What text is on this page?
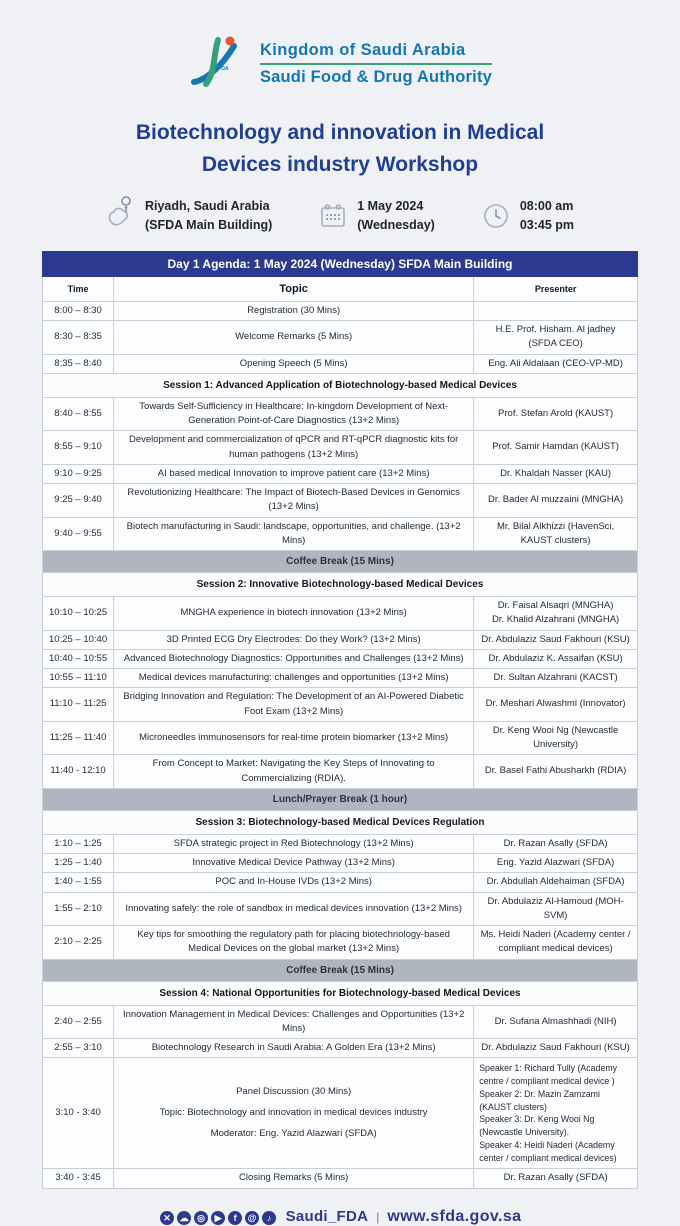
SFDA
Kingdom of Saudi Arabia
Saudi Food & Drug Authority
Biotechnology and innovation in Medical Devices industry Workshop
Riyadh, Saudi Arabia
(SFDA Main Building)
1 May 2024
(Wednesday)
08:00 am
03:45 pm
Day 1 Agenda: 1 May 2024 (Wednesday) SFDA Main Building		
Time	Topic	Presenter
8:00 – 8:30	Registration (30 Mins)	

8:30 – 8:35	Welcome Remarks (5 Mins)	H.E. Prof. Hisham. Al jadhey (SFDA CEO)

8:35 – 8:40	Opening Speech (5 Mins)	Eng. Ali Aldalaan (CEO-VP-MD)

Session 1: Advanced Application of Biotechnology-based Medical Devices		
8:40 – 8:55	Towards Self-Sufficiency in Healthcare: In-kingdom Development of Next-Generation Point-of-Care Diagnostics (13+2 Mins)	Prof. Stefan Arold (KAUST)

8:55 – 9:10	Development and commercialization of qPCR and RT-qPCR diagnostic kits for human pathogens (13+2 Mins)	Prof. Samir Hamdan (KAUST)

9:10 – 9:25	AI based medical Innovation to improve patient care (13+2 Mins)	Dr. Khaldah Nasser (KAU)

9:25 – 9:40	Revolutionizing Healthcare: The Impact of Biotech-Based Devices in Genomics (13+2 Mins)	Dr. Bader Al muzzaini (MNGHA)

9:40 – 9:55	Biotech manufacturing in Saudi: landscape, opportunities, and challenge. (13+2 Mins)	Mr. Bilal Alkhizzi (HavenSci, KAUST clusters)

Coffee Break (15 Mins)		
Session 2: Innovative Biotechnology-based Medical Devices		
10:10 – 10:25	MNGHA experience in biotech innovation (13+2 Mins)	Dr. Faisal Alsaqri (MNGHA)
Dr. Khalid Alzahrani (MNGHA)

10:25 – 10:40	3D Printed ECG Dry Electrodes: Do they Work? (13+2 Mins)	Dr. Abdulaziz Saud Fakhouri (KSU)

10:40 – 10:55	Advanced Biotechnology Diagnostics: Opportunities and Challenges (13+2 Mins)	Dr. Abdulaziz K. Assaifan (KSU)

10:55 – 11:10	Medical devices manufacturing: challenges and opportunities (13+2 Mins)	Dr. Sultan Alzahrani (KACST)

11:10 – 11:25	Bridging Innovation and Regulation: The Development of an AI-Powered Diabetic Foot Exam (13+2 Mins)	Dr. Meshari Alwashmi (Innovator)

11:25 – 11:40	Microneedles immunosensors for real-time protein biomarker (13+2 Mins)	Dr. Keng Wooi Ng (Newcastle University)

11:40 - 12:10	From Concept to Market: Navigating the Key Steps of Innovating to Commercializing (RDIA).	Dr. Basel Fathi Abusharkh (RDIA)

Lunch/Prayer Break (1 hour)		
Session 3: Biotechnology-based Medical Devices Regulation		
1:10 – 1:25	SFDA strategic project in Red Biotechnology (13+2 Mins)	Dr. Razan Asally (SFDA)

1:25 – 1:40	Innovative Medical Device Pathway (13+2 Mins)	Eng. Yazid Alazwari (SFDA)

1:40 – 1:55	POC and In-House IVDs (13+2 Mins)	Dr. Abdullah Aldehaiman (SFDA)

1:55 – 2:10	Innovating safely: the role of sandbox in medical devices innovation (13+2 Mins)	Dr. Abdulaziz Al-Hamoud (MOH-SVM)

2:10 – 2:25	Key tips for smoothing the regulatory path for placing biotechnology-based Medical Devices on the global market (13+2 Mins)	Ms. Heidi Naderi (Academy center /
compliant medical devices)

Coffee Break (15 Mins)		
Session 4: National Opportunities for Biotechnology-based Medical Devices		
2:40 – 2:55	Innovation Management in Medical Devices: Challenges and Opportunities (13+2 Mins)	Dr. Sufana Almashhadi (NIH)

2:55 – 3:10	Biotechnology Research in Saudi Arabia: A Golden Era (13+2 Mins)	Dr. Abdulaziz Saud Fakhouri (KSU)

3:10 - 3:40	
Panel Discussion (30 Mins)
Topic: Biotechnology and innovation in medical devices industry
Moderator: Eng. Yazid Alazwari (SFDA)

Speaker 1: Richard Tully (Academy centre / compliant medical device )
Speaker 2: Dr. Mazin Zamzami (KAUST clusters)
Speaker 3: Dr. Keng Wooi Ng (Newcastle University).
Speaker 4: Heidi Naderi (Academy center / compliant medical devices)

3:40 - 3:45	Closing Remarks (5 Mins)	Dr. Razan Asally (SFDA)
✕ ☁ ◎ ▶ f @ ♪ Saudi_FDA | www.sfda.gov.sa
